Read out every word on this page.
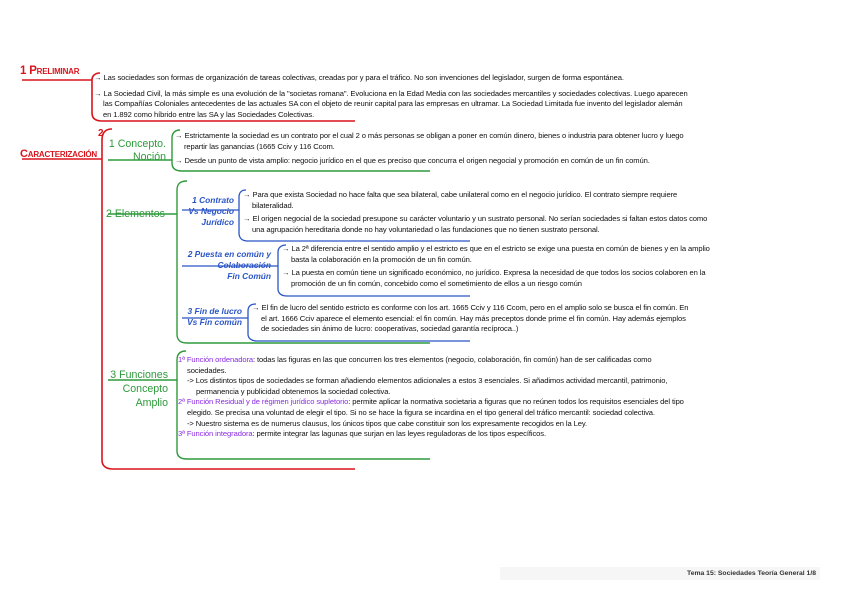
1 Preliminar
→ Las sociedades son formas de organización de tareas colectivas, creadas por y para el tráfico. No son invenciones del legislador, surgen de forma espontánea.
→ La Sociedad Civil, la más simple es una evolución de la "societas romana". Evoluciona en la Edad Media con las sociedades mercantiles y sociedades colectivas. Luego aparecen
las Compañías Coloniales antecedentes de las actuales SA con el objeto de reunir capital para las empresas en ultramar. La Sociedad Limitada fue invento del legislador alemán
en 1.892 como híbrido entre las SA y las Sociedades Colectivas.
2
Caracterización
1 Concepto.
Noción
→ Estrictamente la sociedad es un contrato por el cual 2 o más personas se obligan a poner en común dinero, bienes o industria para obtener lucro y luego
repartir las ganancias (1665 Cciv y 116 Ccom.
→ Desde un punto de vista amplio: negocio jurídico en el que es preciso que concurra el origen negocial y promoción en común de un fin común.
2 Elementos
1 Contrato
Vs Negocio
Jurídico
→ Para que exista Sociedad no hace falta que sea bilateral, cabe unilateral como en el negocio jurídico. El contrato siempre requiere
bilateralidad.
→ El origen negocial de la sociedad presupone su carácter voluntario y un sustrato personal. No serían sociedades si faltan estos datos como
una agrupación hereditaria donde no hay voluntariedad o las fundaciones que no tienen sustrato personal.
2 Puesta en común y
Colaboración
Fin Común
→ La 2ª diferencia entre el sentido amplio y el estricto es que en el estricto se exige una puesta en común de bienes y en la amplio
basta la colaboración en la promoción de un fin común.
→ La puesta en común tiene un significado económico, no jurídico. Expresa la necesidad de que todos los socios colaboren en la
promoción de un fin común, concebido como el sometimiento de ellos a un riesgo común
3 Fin de lucro
Vs Fin común
→ El fin de lucro del sentido estricto es conforme con los art. 1665 Cciv y 116 Ccom, pero en el amplio solo se busca el fin común. En
el art. 1666 Cciv aparece el elemento esencial: el fin común. Hay más preceptos donde prime el fin común. Hay además ejemplos
de sociedades sin ánimo de lucro: cooperativas, sociedad garantía recíproca..)
3 Funciones
Concepto
Amplio
1ª Función ordenadora: todas las figuras en las que concurren los tres elementos (negocio, colaboración, fin común) han de ser calificadas como
sociedades.
-> Los distintos tipos de sociedades se forman añadiendo elementos adicionales a estos 3 esenciales. Si añadimos actividad mercantil, patrimonio,
permanencia y publicidad obtenemos la sociedad colectiva.
2ª Función Residual y de régimen jurídico supletorio: permite aplicar la normativa societaria a figuras que no reúnen todos los requisitos esenciales del tipo
elegido. Se precisa una voluntad de elegir el tipo. Si no se hace la figura se incardina en el tipo general del tráfico mercantil: sociedad colectiva.
-> Nuestro sistema es de numerus clausus, los únicos tipos que cabe constituir son los expresamente recogidos en la Ley.
3ª Función integradora: permite integrar las lagunas que surjan en las leyes reguladoras de los tipos específicos.
Tema 15: Sociedades Teoría General 1/8
